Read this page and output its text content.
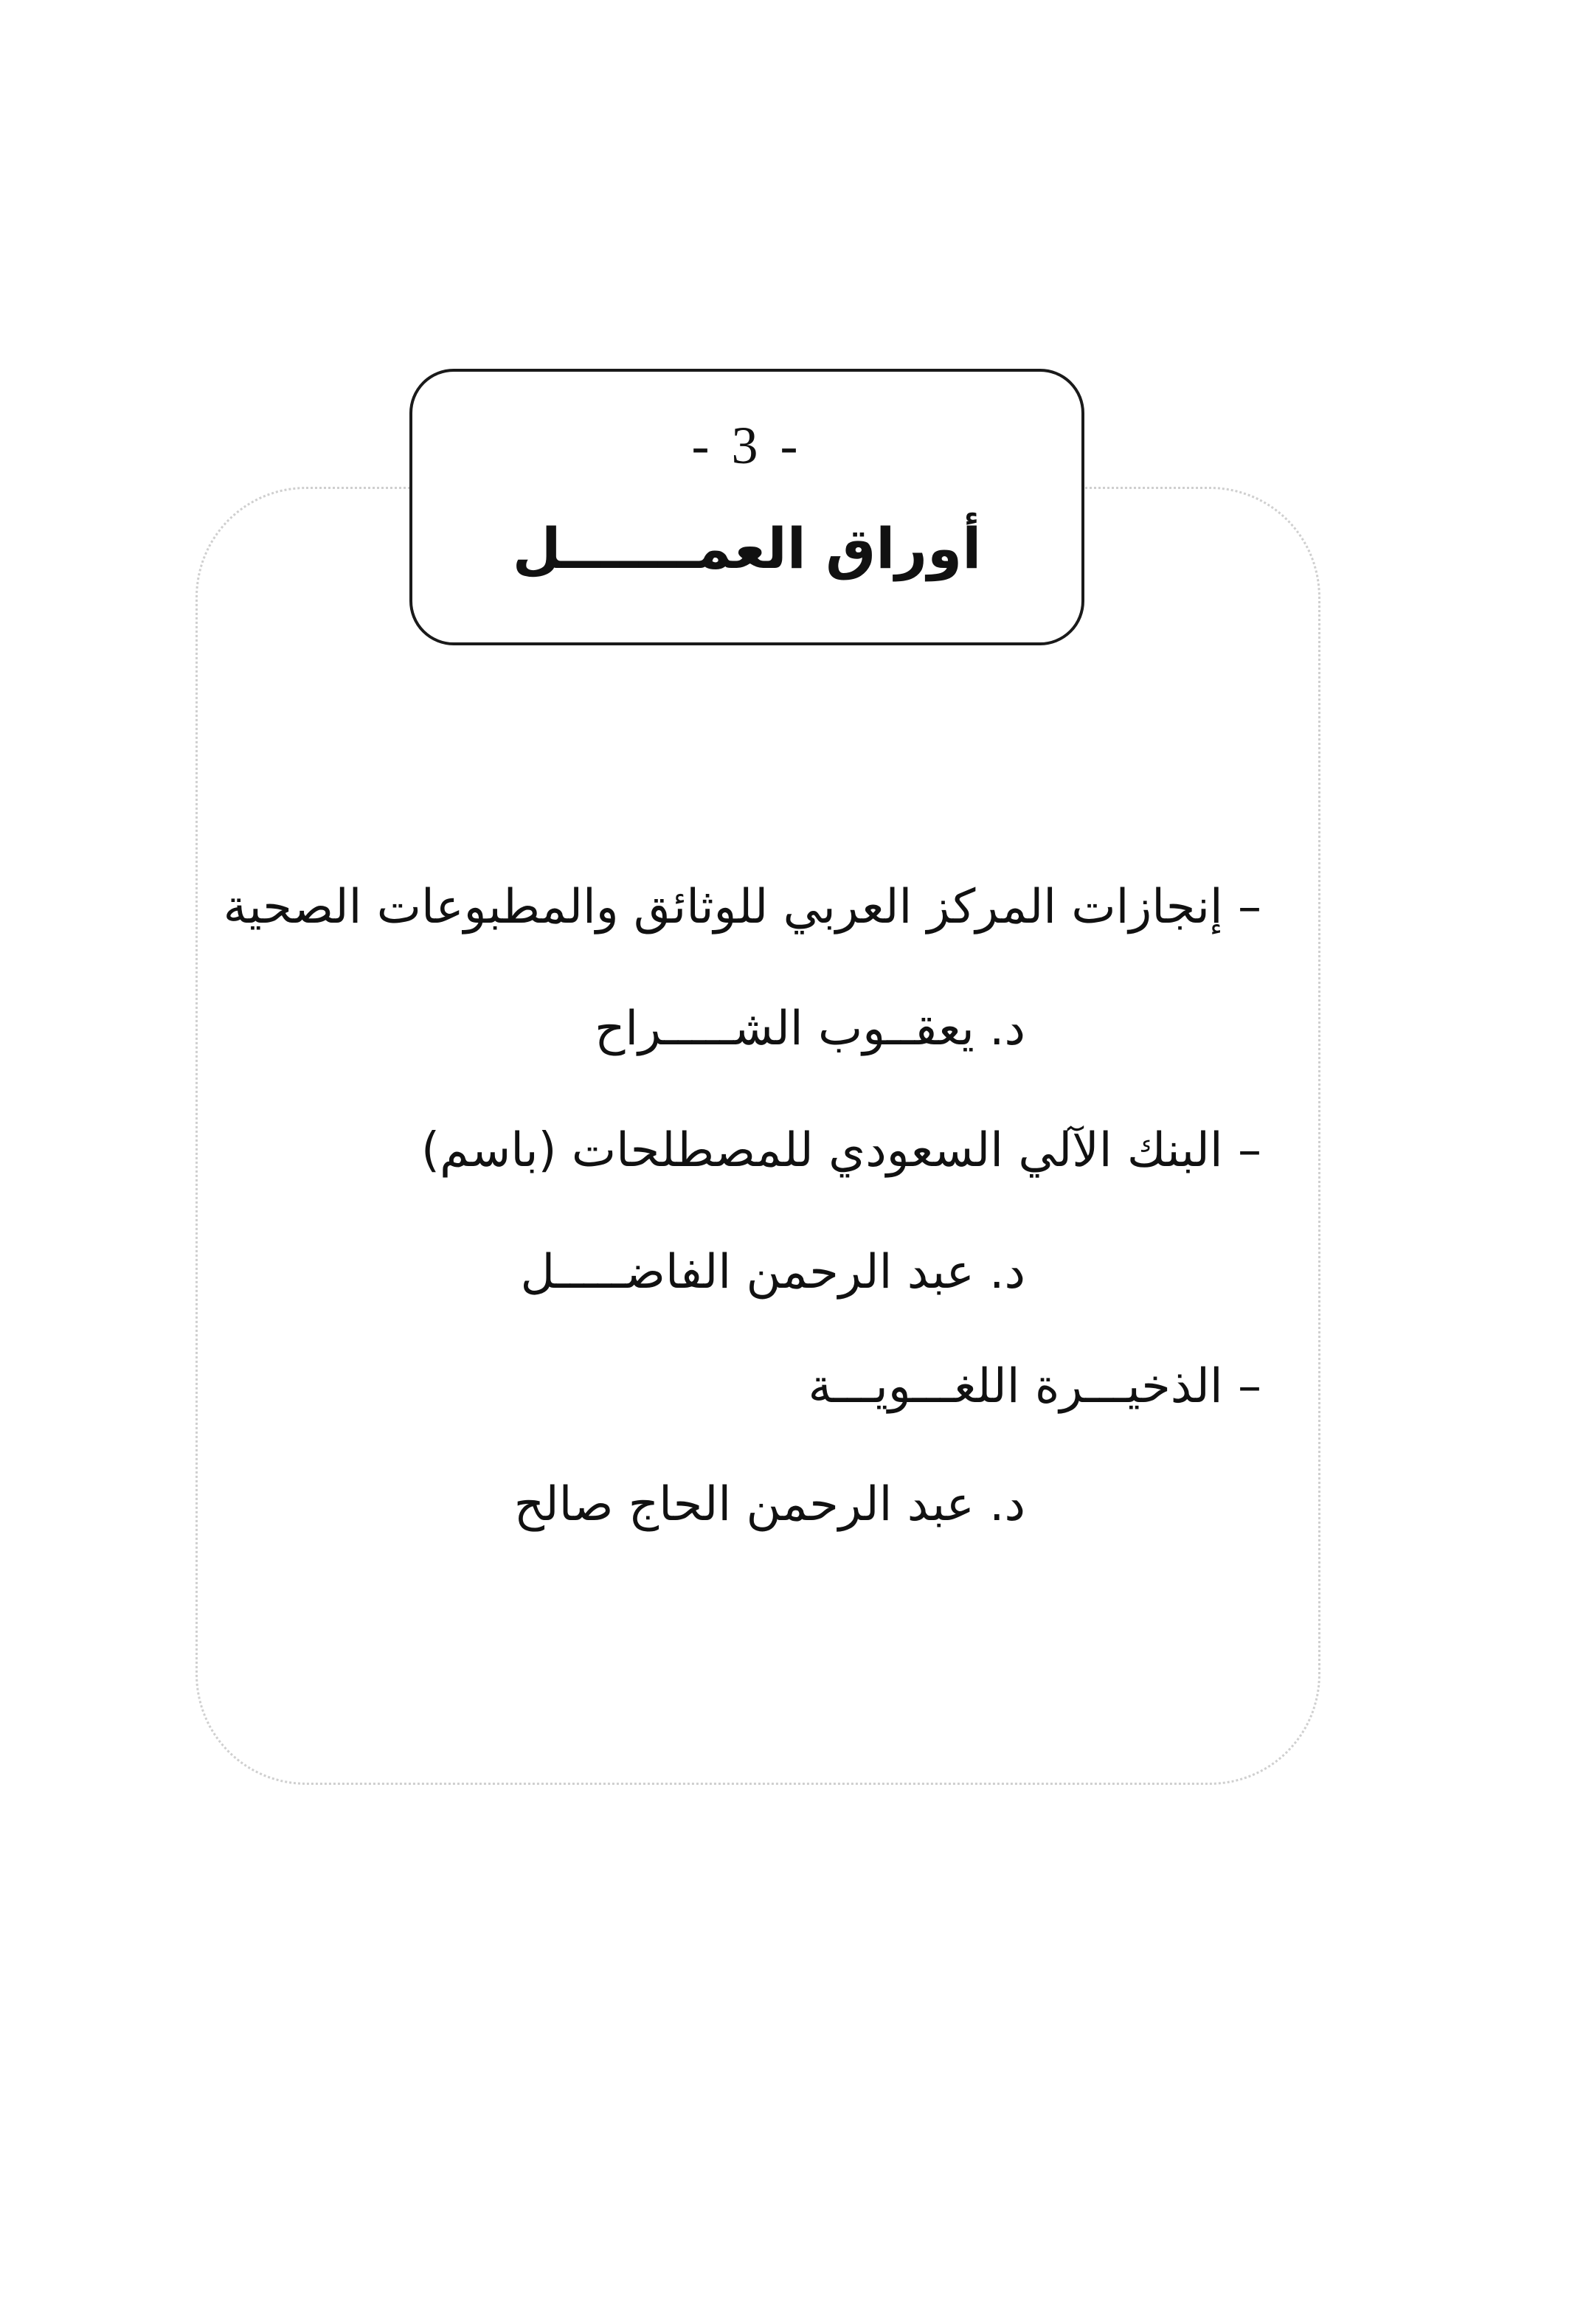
- 3 -
أوراق العمـــــــل
– إنجازات المركز العربي للوثائق والمطبوعات الصحية
د. يعقــوب الشـــــراح
– البنك الآلي السعودي للمصطلحات (باسم)
د. عبد الرحمن الفاضـــــل
– الذخيـــرة اللغـــويـــة
د. عبد الرحمن الحاج صالح
